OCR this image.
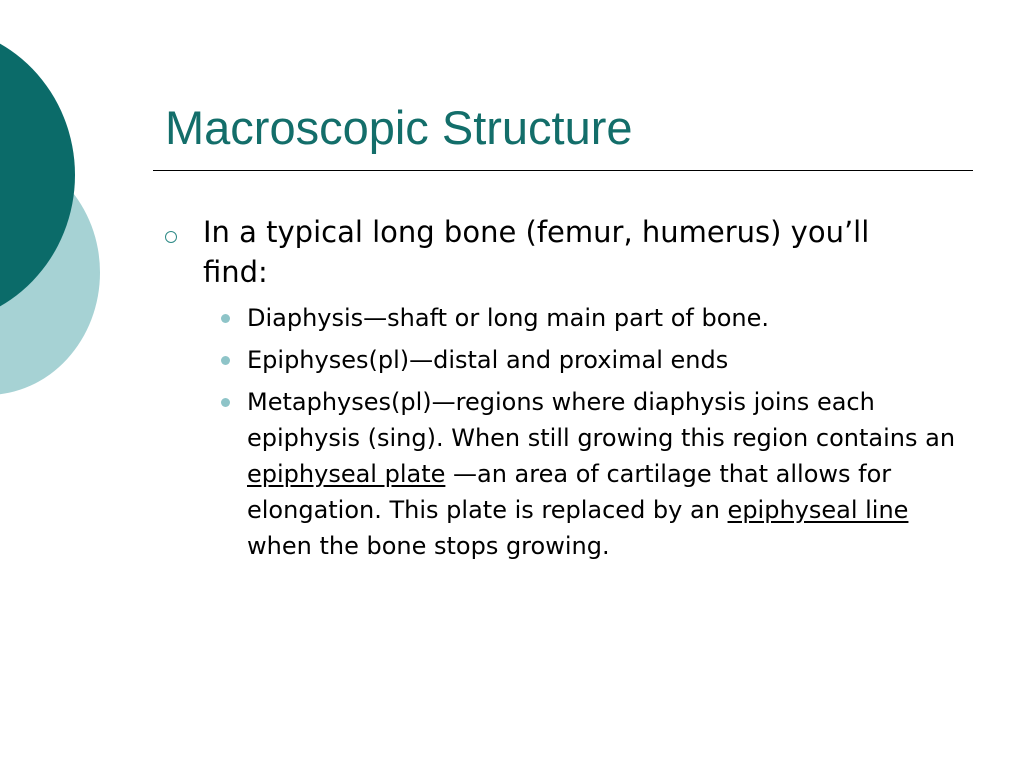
Macroscopic Structure
In a typical long bone (femur, humerus) you’ll find:
Diaphysis—shaft or long main part of bone.
Epiphyses(pl)—distal and proximal ends
Metaphyses(pl)—regions where diaphysis joins each epiphysis (sing). When still growing this region contains an epiphyseal plate —an area of cartilage that allows for elongation. This plate is replaced by an epiphyseal line when the bone stops growing.
